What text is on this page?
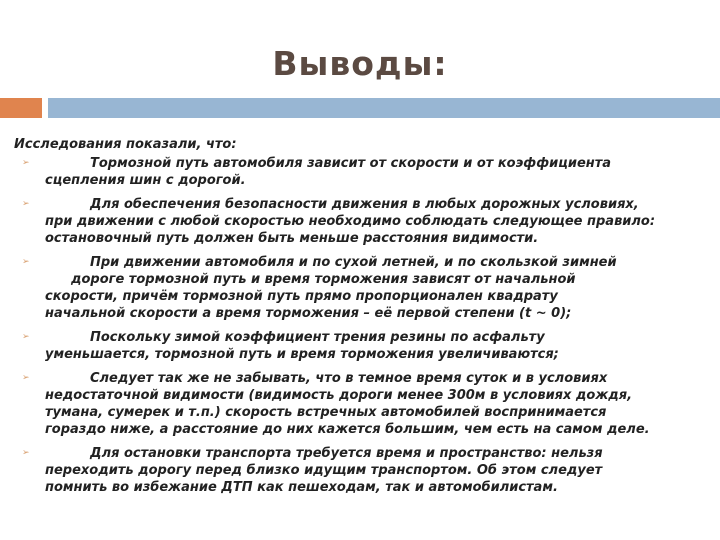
Выводы:
Исследования показали, что:
➢	Тормозной путь автомобиля зависит от скорости и от коэффициента
сцепления шин с дорогой.
➢	Для обеспечения безопасности движения в любых дорожных условиях,
при движении с любой скоростью необходимо соблюдать следующее правило:
остановочный путь должен быть меньше расстояния видимости.
➢	При движении автомобиля и по сухой летней, и по скользкой зимней
дороге тормозной путь и время торможения зависят от начальной
скорости, причём тормозной путь прямо пропорционален квадрату
начальной скорости а время торможения – её первой степени (t ~ 0);
➢	Поскольку зимой коэффициент трения резины по асфальту
уменьшается, тормозной путь и время торможения увеличиваются;
➢	Следует так же не забывать, что в темное время суток и в условиях
недостаточной видимости (видимость дороги менее 300м в условиях дождя,
тумана, сумерек и т.п.) скорость встречных автомобилей воспринимается
гораздо ниже, а расстояние до них кажется большим, чем есть на самом деле.
➢	Для остановки транспорта требуется время и пространство: нельзя
переходить дорогу перед близко идущим транспортом. Об этом следует
помнить во избежание ДТП как пешеходам, так и автомобилистам.
